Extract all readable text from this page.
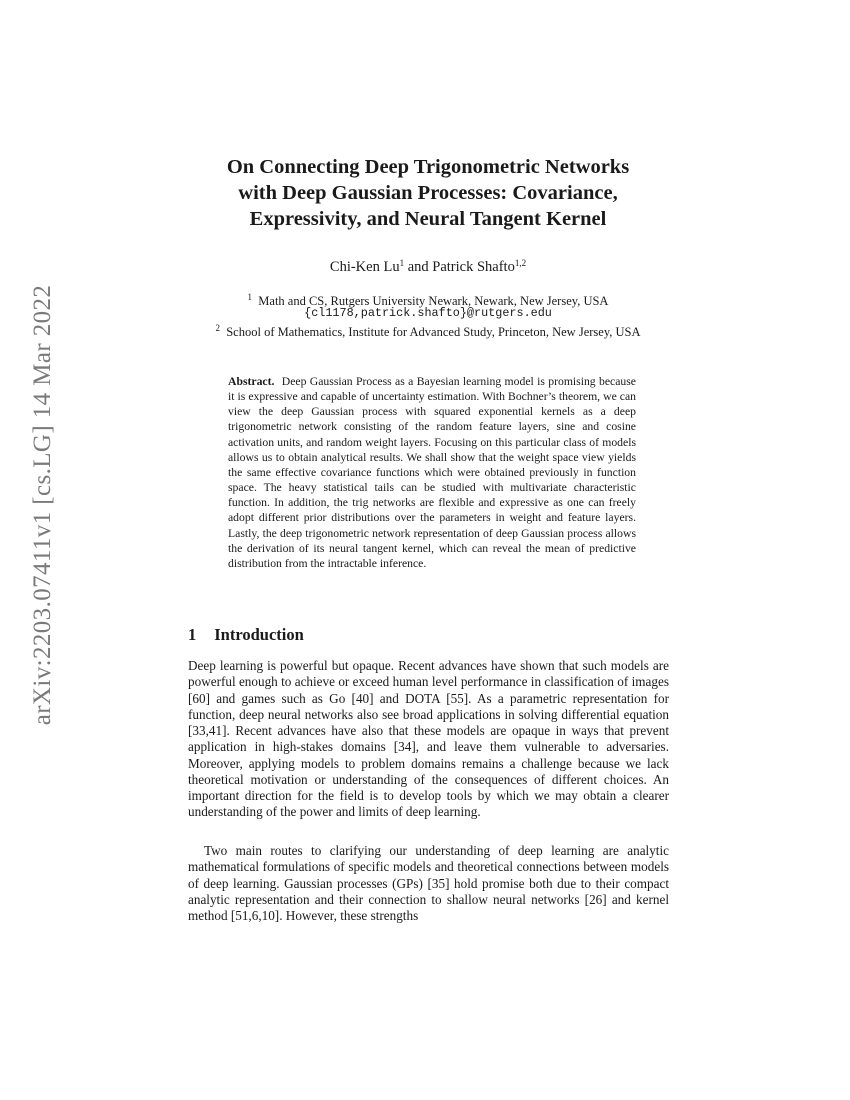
arXiv:2203.07411v1 [cs.LG] 14 Mar 2022
On Connecting Deep Trigonometric Networks
with Deep Gaussian Processes: Covariance,
Expressivity, and Neural Tangent Kernel
Chi-Ken Lu$^1$ and Patrick Shafto$^{1,2}$
$^1$ Math and CS, Rutgers University Newark, Newark, New Jersey, USA
{cl1178,patrick.shafto}@rutgers.edu
$^2$ School of Mathematics, Institute for Advanced Study, Princeton, New Jersey, USA

Abstract. Deep Gaussian Process as a Bayesian learning model is promising because it is expressive and capable of uncertainty estimation. With Bochner’s theorem, we can view the deep Gaussian process with squared exponential kernels as a deep trigonometric network consisting of the random feature layers, sine and cosine activation units, and random weight layers. Focusing on this particular class of models allows us to obtain analytical results. We shall show that the weight space view yields the same effective covariance functions which were obtained previously in function space. The heavy statistical tails can be studied with multivariate characteristic function. In addition, the trig networks are flexible and expressive as one can freely adopt different prior distributions over the parameters in weight and feature layers. Lastly, the deep trigonometric network representation of deep Gaussian process allows the derivation of its neural tangent kernel, which can reveal the mean of predictive distribution from the intractable inference.

1 Introduction

Deep learning is powerful but opaque. Recent advances have shown that such models are powerful enough to achieve or exceed human level performance in classification of images [60] and games such as Go [40] and DOTA [55]. As a parametric representation for function, deep neural networks also see broad applications in solving differential equation [33,41]. Recent advances have also that these models are opaque in ways that prevent application in high-stakes domains [34], and leave them vulnerable to adversaries. Moreover, applying models to problem domains remains a challenge because we lack theoretical motivation or understanding of the consequences of different choices. An important direction for the field is to develop tools by which we may obtain a clearer understanding of the power and limits of deep learning.

Two main routes to clarifying our understanding of deep learning are analytic mathematical formulations of specific models and theoretical connections between models of deep learning. Gaussian processes (GPs) [35] hold promise both due to their compact analytic representation and their connection to shallow neural networks [26] and kernel method [51,6,10]. However, these strengths
